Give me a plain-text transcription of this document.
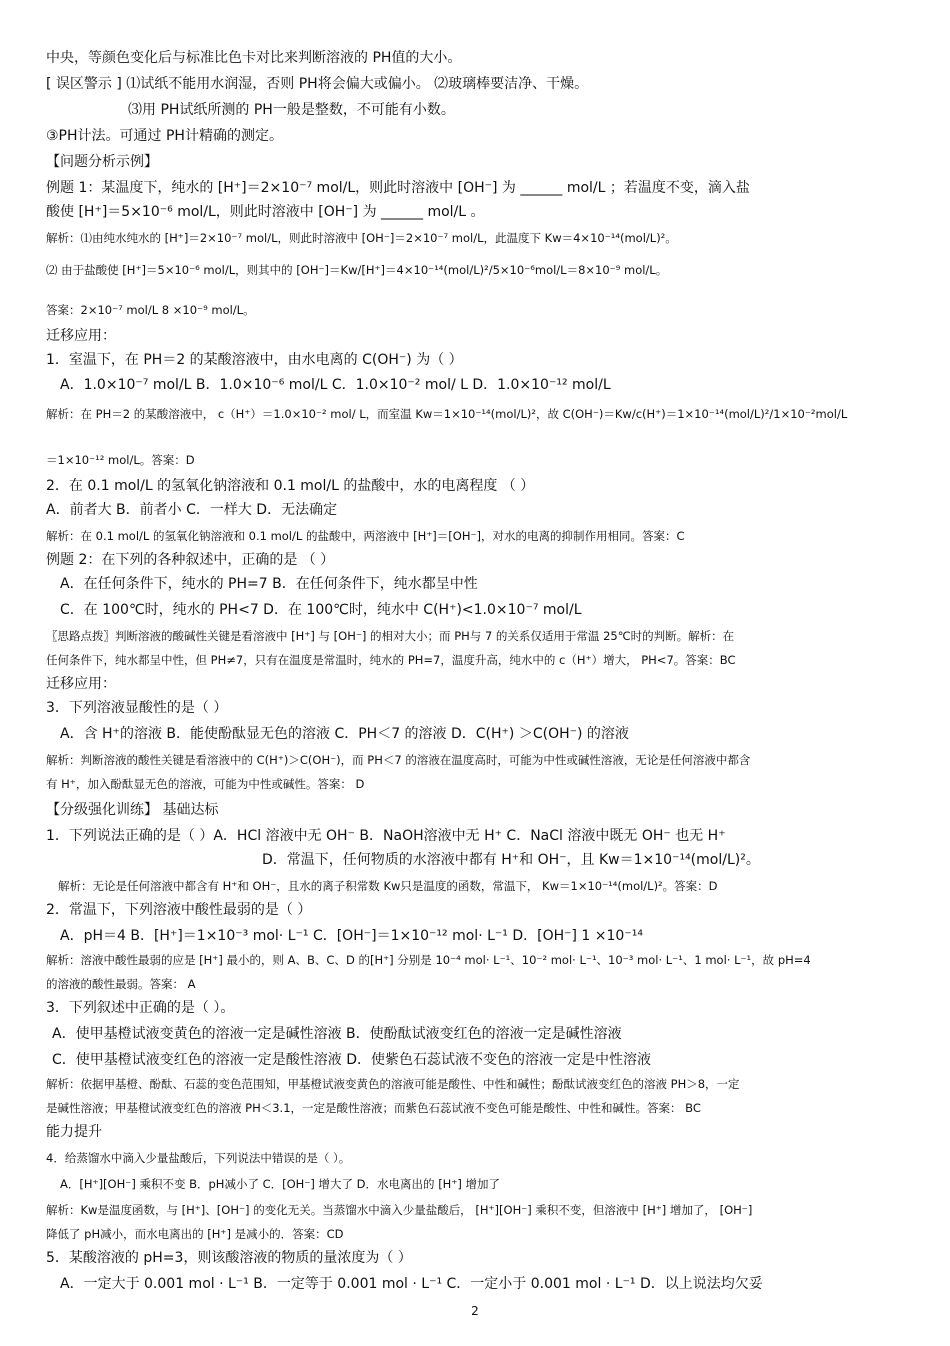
中央，等颜色变化后与标准比色卡对比来判断溶液的 PH值的大小。
[ 误区警示 ] ⑴试纸不能用水润湿，否则 PH将会偏大或偏小。 ⑵玻璃棒要洁净、干燥。
⑶用 PH试纸所测的 PH一般是整数，不可能有小数。
③PH计法。可通过 PH计精确的测定。
【问题分析示例】
例题 1：某温度下，纯水的 [H⁺]＝2×10⁻⁷ mol/L，则此时溶液中 [OH⁻] 为 ______ mol/L ；若温度不变，滴入盐
酸使 [H⁺]＝5×10⁻⁶ mol/L，则此时溶液中 [OH⁻] 为 ______ mol/L 。
解析：⑴由纯水纯水的 [H⁺]＝2×10⁻⁷ mol/L，则此时溶液中 [OH⁻]＝2×10⁻⁷ mol/L，此温度下 Kw＝4×10⁻¹⁴(mol/L)²。
⑵ 由于盐酸使 [H⁺]＝5×10⁻⁶ mol/L，则其中的 [OH⁻]＝Kw/[H⁺]＝4×10⁻¹⁴(mol/L)²/5×10⁻⁶mol/L＝8×10⁻⁹ mol/L。
答案：2×10⁻⁷ mol/L 8 ×10⁻⁹ mol/L。
迁移应用：
1．室温下，在 PH＝2 的某酸溶液中，由水电离的 C(OH⁻) 为（ ）
A．1.0×10⁻⁷ mol/L B．1.0×10⁻⁶ mol/L C．1.0×10⁻² mol/ L D．1.0×10⁻¹² mol/L
解析：在 PH＝2 的某酸溶液中， c（H⁺）＝1.0×10⁻² mol/ L，而室温 Kw＝1×10⁻¹⁴(mol/L)²，故 C(OH⁻)＝Kw/c(H⁺)＝1×10⁻¹⁴(mol/L)²/1×10⁻²mol/L
＝1×10⁻¹² mol/L。答案：D
2．在 0.1 mol/L 的氢氧化钠溶液和 0.1 mol/L 的盐酸中，水的电离程度 （ ）
A．前者大 B．前者小 C．一样大 D．无法确定
解析：在 0.1 mol/L 的氢氧化钠溶液和 0.1 mol/L 的盐酸中，两溶液中 [H⁺]＝[OH⁻]，对水的电离的抑制作用相同。答案：C
例题 2：在下列的各种叙述中，正确的是 （ ）
A．在任何条件下，纯水的 PH=7 B．在任何条件下，纯水都呈中性
C．在 100℃时，纯水的 PH<7 D．在 100℃时，纯水中 C(H⁺)<1.0×10⁻⁷ mol/L
〖思路点拨〗判断溶液的酸碱性关键是看溶液中 [H⁺] 与 [OH⁻] 的相对大小；而 PH与 7 的关系仅适用于常温 25℃时的判断。解析：在
任何条件下，纯水都呈中性，但 PH≠7，只有在温度是常温时，纯水的 PH=7，温度升高，纯水中的 c（H⁺）增大， PH<7。答案：BC
迁移应用：
3．下列溶液显酸性的是（ ）
A．含 H⁺的溶液 B．能使酚酞显无色的溶液 C．PH＜7 的溶液 D．C(H⁺) ＞C(OH⁻) 的溶液
解析：判断溶液的酸性关键是看溶液中的 C(H⁺)＞C(OH⁻)，而 PH＜7 的溶液在温度高时，可能为中性或碱性溶液，无论是任何溶液中都含
有 H⁺，加入酚酞显无色的溶液，可能为中性或碱性。答案： D
【分级强化训练】 基础达标
1．下列说法正确的是（ ）A．HCl 溶液中无 OH⁻ B．NaOH溶液中无 H⁺ C．NaCl 溶液中既无 OH⁻ 也无 H⁺
D．常温下，任何物质的水溶液中都有 H⁺和 OH⁻，且 Kw＝1×10⁻¹⁴(mol/L)²。
解析：无论是任何溶液中都含有 H⁺和 OH⁻，且水的离子积常数 Kw只是温度的函数，常温下， Kw＝1×10⁻¹⁴(mol/L)²。答案：D
2．常温下，下列溶液中酸性最弱的是（ ）
A．pH＝4 B．[H⁺]＝1×10⁻³ mol· L⁻¹ C．[OH⁻]＝1×10⁻¹² mol· L⁻¹ D．[OH⁻] 1 ×10⁻¹⁴
解析：溶液中酸性最弱的应是 [H⁺] 最小的，则 A、B、C、D 的[H⁺] 分别是 10⁻⁴ mol· L⁻¹、10⁻² mol· L⁻¹、10⁻³ mol· L⁻¹、1 mol· L⁻¹，故 pH=4
的溶液的酸性最弱。答案： A
3．下列叙述中正确的是（ ）。
A．使甲基橙试液变黄色的溶液一定是碱性溶液 B．使酚酞试液变红色的溶液一定是碱性溶液
C．使甲基橙试液变红色的溶液一定是酸性溶液 D．使紫色石蕊试液不变色的溶液一定是中性溶液
解析：依据甲基橙、酚酞、石蕊的变色范围知，甲基橙试液变黄色的溶液可能是酸性、中性和碱性；酚酞试液变红色的溶液 PH＞8，一定
是碱性溶液；甲基橙试液变红色的溶液 PH＜3.1，一定是酸性溶液；而紫色石蕊试液不变色可能是酸性、中性和碱性。答案： BC
能力提升
4．给蒸馏水中滴入少量盐酸后，下列说法中错误的是（ ）。
A．[H⁺][OH⁻] 乘积不变 B．pH减小了 C．[OH⁻] 增大了 D．水电离出的 [H⁺] 增加了
解析：Kw是温度函数，与 [H⁺]、[OH⁻] 的变化无关。当蒸馏水中滴入少量盐酸后， [H⁺][OH⁻] 乘积不变，但溶液中 [H⁺] 增加了， [OH⁻]
降低了 pH减小，而水电离出的 [H⁺] 是减小的．答案：CD
5．某酸溶液的 pH=3，则该酸溶液的物质的量浓度为（ ）
A．一定大于 0.001 mol · L⁻¹ B．一定等于 0.001 mol · L⁻¹ C．一定小于 0.001 mol · L⁻¹ D．以上说法均欠妥
2
